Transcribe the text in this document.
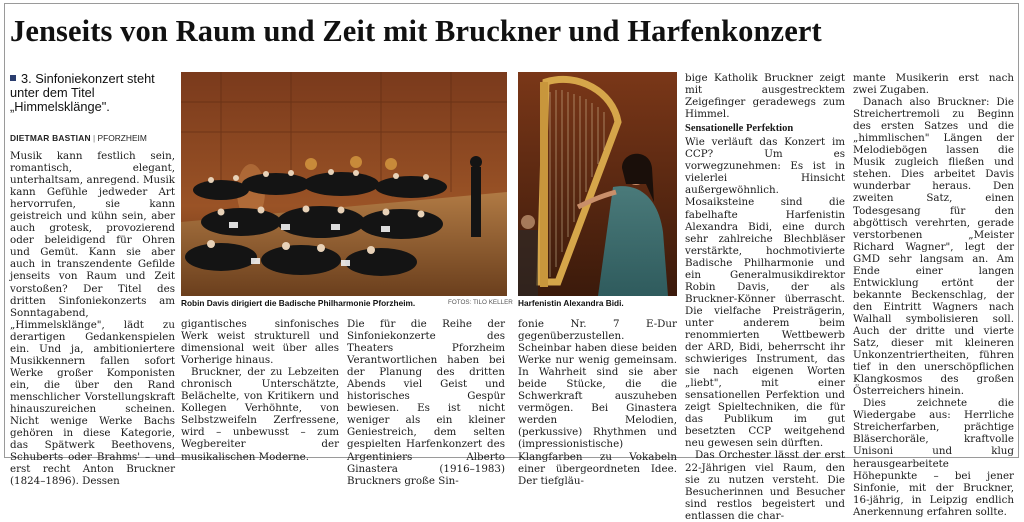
Jenseits von Raum und Zeit mit Bruckner und Harfenkonzert
3. Sinfoniekonzert steht unter dem Titel „Himmelsklänge".
DIETMAR BASTIAN | PFORZHEIM

Musik kann festlich sein, romantisch, elegant, unterhaltsam, anregend. Musik kann Gefühle jedweder Art hervorrufen, sie kann geistreich und kühn sein, aber auch grotesk, provozierend oder beleidigend für Ohren und Gemüt. Kann sie aber auch in transzendente Gefilde jenseits von Raum und Zeit vorstoßen? Der Titel des dritten Sinfoniekonzerts am Sonntagabend, „Himmelsklänge", lädt zu derartigen Gedankenspielen ein. Und ja, ambitioniertere Musikkennern fallen sofort Werke großer Komponisten ein, die über den Rand menschlicher Vorstellungskraft hinauszureichen scheinen. Nicht wenige Werke Bachs gehören in diese Kategorie, das Spätwerk Beethovens, Schuberts oder Brahms' – und erst recht Anton Bruckner (1824–1896). Dessen

Robin Davis dirigiert die Badische Philharmonie Pforzheim.	FOTOS: TILO KELLER Harfenistin Alexandra Bidi.

gigantisches sinfonisches Werk weist strukturell und dimensional weit über alles Vorherige hinaus.

Bruckner, der zu Lebzeiten chronisch Unterschätzte, Belächelte, von Kritikern und Kollegen Verhöhnte, von Selbstzweifeln Zerfressene, wird – unbewusst – zum Wegbereiter der musikalischen Moderne.

Die für die Reihe der Sinfoniekonzerte des Theaters Pforzheim Verantwortlichen haben bei der Planung des dritten Abends viel Geist und historisches Gespür bewiesen. Es ist nicht weniger als ein kleiner Geniestreich, dem selten gespielten Harfenkonzert des Argentiniers Alberto Ginastera (1916–1983) Bruckners große Sin-

fonie Nr. 7 E-Dur gegenüberzustellen. Scheinbar haben diese beiden Werke nur wenig gemeinsam. In Wahrheit sind sie aber beide Stücke, die die Schwerkraft auszuheben vermögen. Bei Ginastera werden Melodien, (perkussive) Rhythmen und (impressionistische) Klangfarben zu Vokabeln einer übergeordneten Idee. Der tiefgläu-

bige Katholik Bruckner zeigt mit ausgestrecktem Zeigefinger geradewegs zum Himmel.

Sensationelle Perfektion

Wie verläuft das Konzert im CCP? Um es vorwegzunehmen: Es ist in vielerlei Hinsicht außergewöhnlich. Mosaiksteine sind die fabelhafte Harfenistin Alexandra Bidi, eine durch sehr zahlreiche Blechbläser verstärkte, hochmotivierte Badische Philharmonie und ein Generalmusikdirektor Robin Davis, der als Bruckner-Könner überrascht. Die vielfache Preisträgerin, unter anderem beim renommierten Wettbewerb der ARD, Bidi, beherrscht ihr schwieriges Instrument, das sie nach eigenen Worten „liebt", mit einer sensationellen Perfektion und zeigt Spieltechniken, die für das Publikum im gut besetzten CCP weitgehend neu gewesen sein dürften.

Das Orchester lässt der erst 22-Jährigen viel Raum, den sie zu nutzen versteht. Die Besucherinnen und Besucher sind restlos begeistert und entlassen die char-

mante Musikerin erst nach zwei Zugaben.

Danach also Bruckner: Die Streichertremoli zu Beginn des ersten Satzes und die „himmlischen" Längen der Melodiebögen lassen die Musik zugleich fließen und stehen. Dies arbeitet Davis wunderbar heraus. Den zweiten Satz, einen Todesgesang für den abgöttisch verehrten, gerade verstorbenen „Meister Richard Wagner", legt der GMD sehr langsam an. Am Ende einer langen Entwicklung ertönt der bekannte Beckenschlag, der den Eintritt Wagners nach Walhall symbolisieren soll. Auch der dritte und vierte Satz, dieser mit kleineren Unkonzentriertheiten, führen tief in den unerschöpflichen Klangkosmos des großen Österreichers hinein.

Dies zeichnete die Wiedergabe aus: Herrliche Streicherfarben, prächtige Bläserchoräle, kraftvolle Unisoni und klug herausgearbeitete Höhepunkte – bei jener Sinfonie, mit der Bruckner, 16-jährig, in Leipzig endlich Anerkennung erfahren sollte.
